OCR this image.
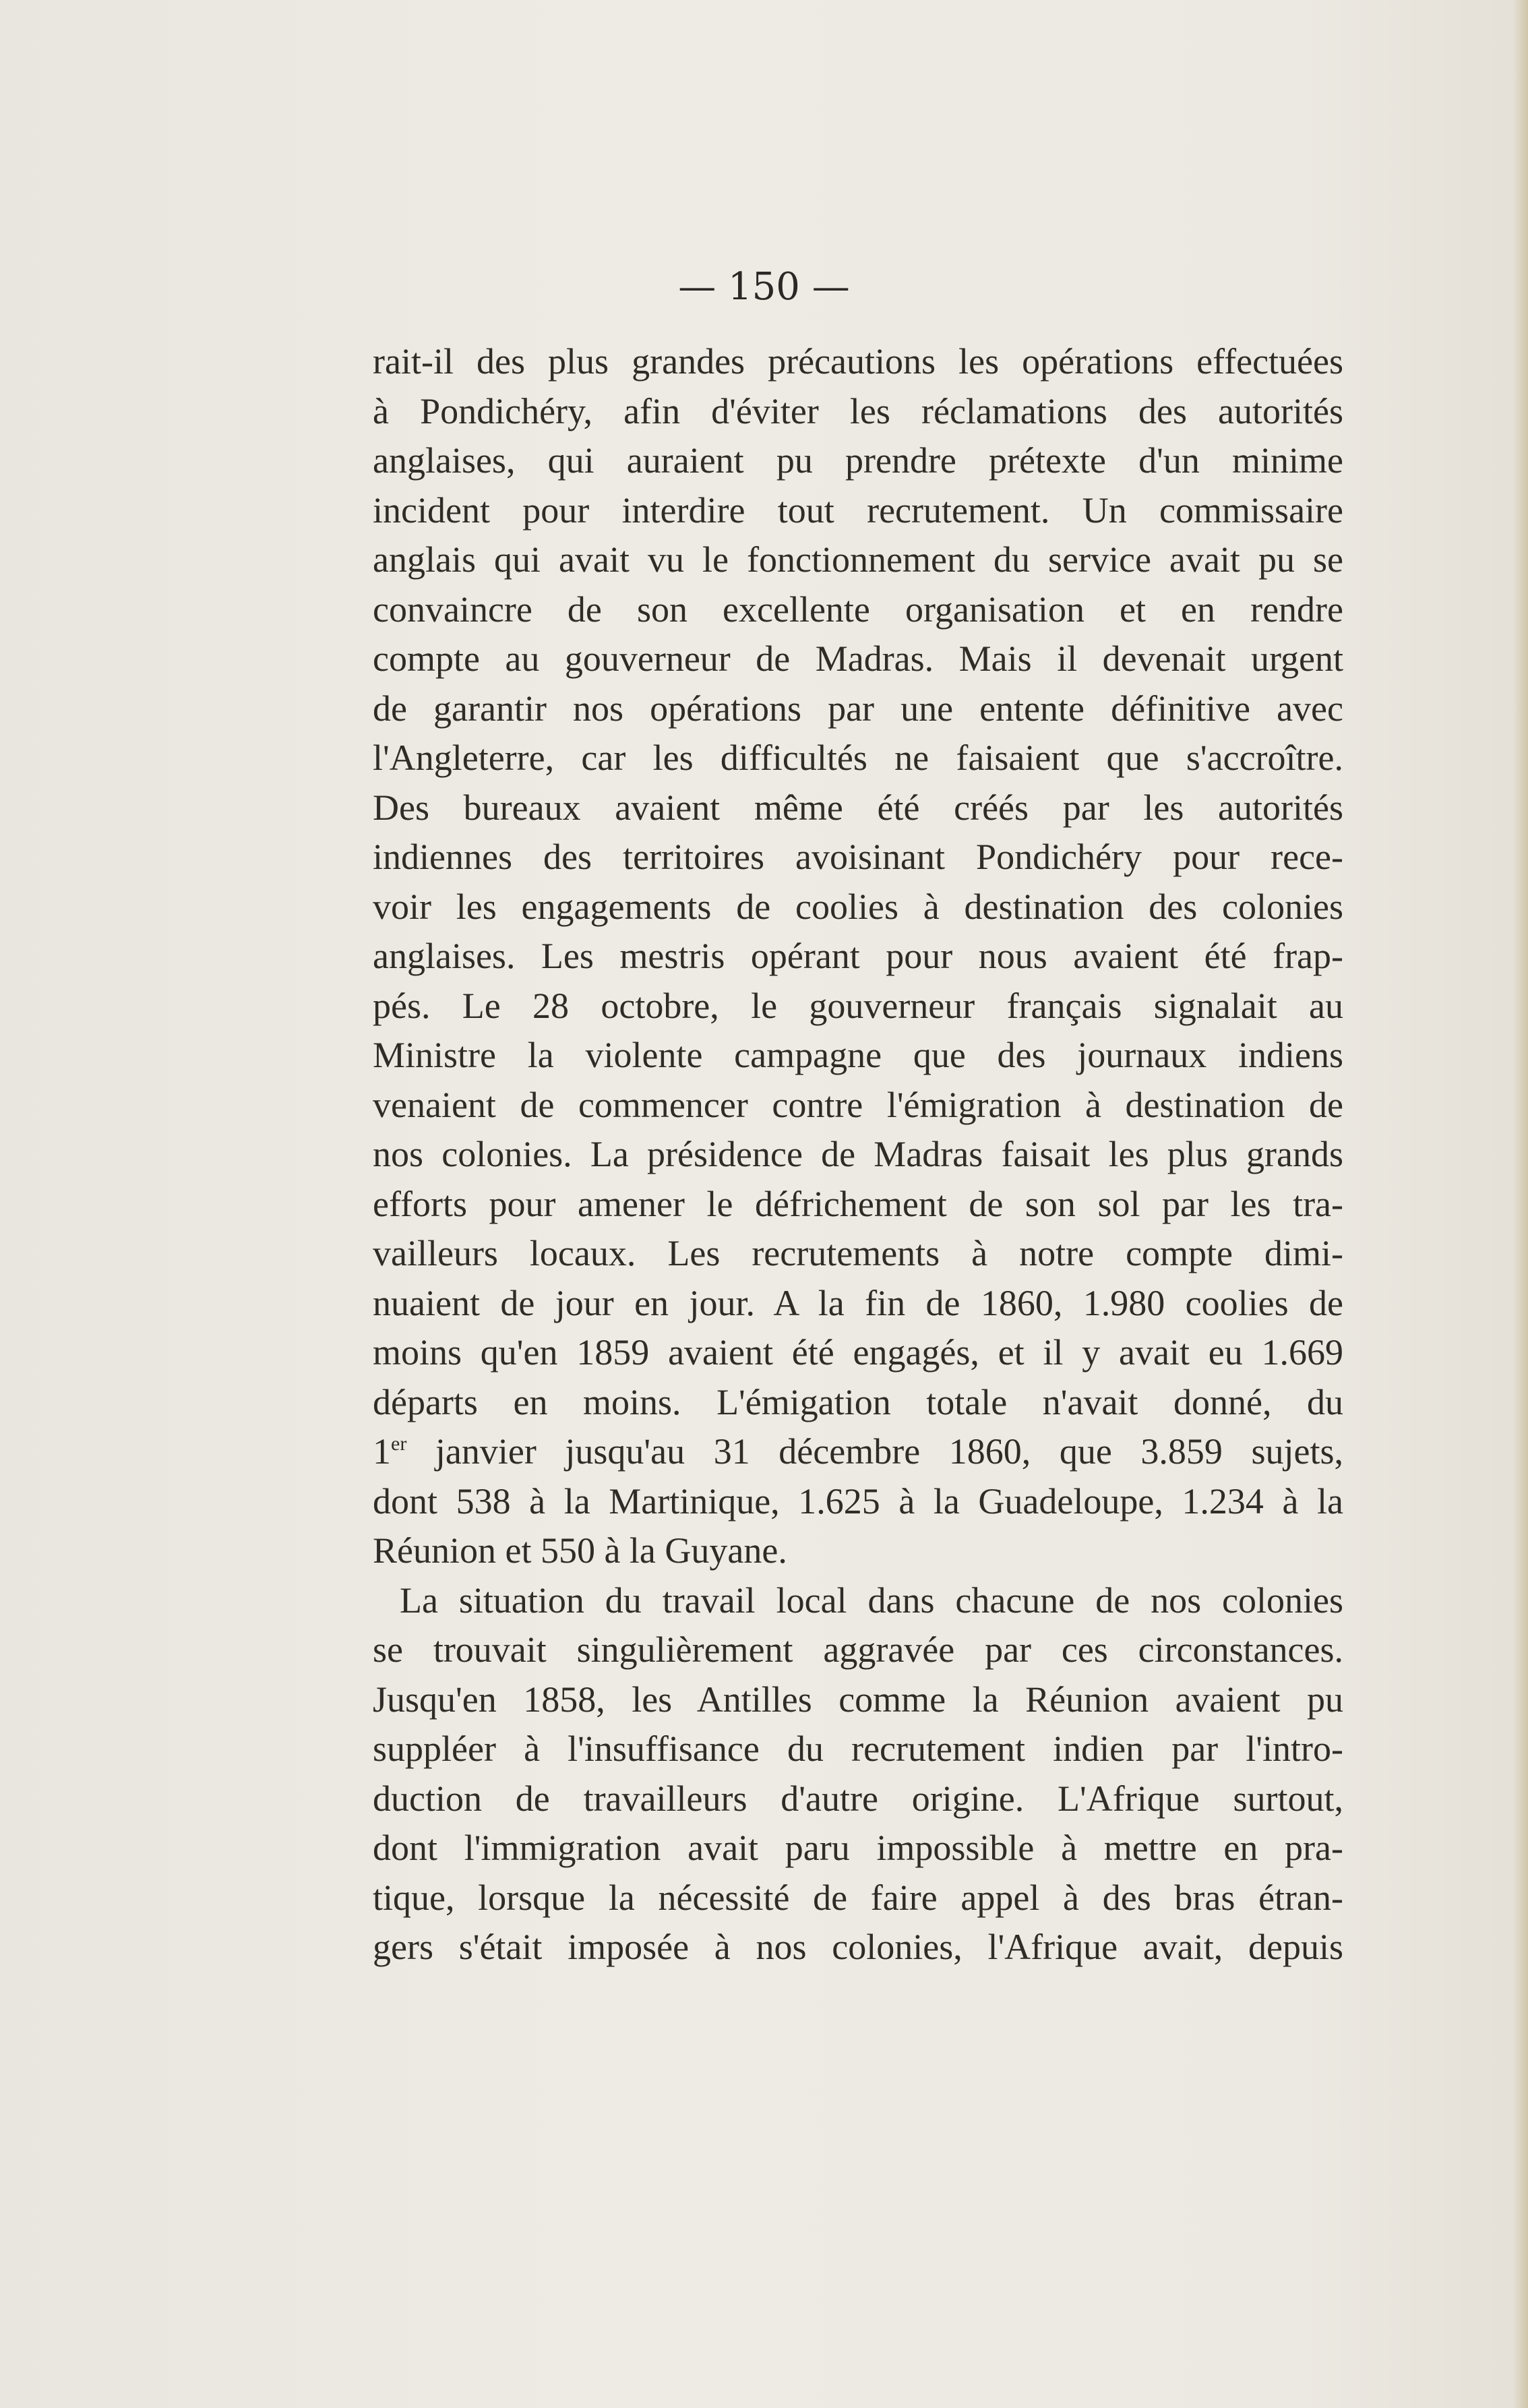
— 150 —

rait-il des plus grandes précautions les opérations effectuées
à Pondichéry, afin d'éviter les réclamations des autorités
anglaises, qui auraient pu prendre prétexte d'un minime
incident pour interdire tout recrutement. Un commissaire
anglais qui avait vu le fonctionnement du service avait pu se
convaincre de son excellente organisation et en rendre
compte au gouverneur de Madras. Mais il devenait urgent
de garantir nos opérations par une entente définitive avec
l'Angleterre, car les difficultés ne faisaient que s'accroître.
Des bureaux avaient même été créés par les autorités
indiennes des territoires avoisinant Pondichéry pour rece-
voir les engagements de coolies à destination des colonies
anglaises. Les mestris opérant pour nous avaient été frap-
pés. Le 28 octobre, le gouverneur français signalait au
Ministre la violente campagne que des journaux indiens
venaient de commencer contre l'émigration à destination de
nos colonies. La présidence de Madras faisait les plus grands
efforts pour amener le défrichement de son sol par les tra-
vailleurs locaux. Les recrutements à notre compte dimi-
nuaient de jour en jour. A la fin de 1860, 1.980 coolies de
moins qu'en 1859 avaient été engagés, et il y avait eu 1.669
départs en moins. L'émigation totale n'avait donné, du
1er janvier jusqu'au 31 décembre 1860, que 3.859 sujets,
dont 538 à la Martinique, 1.625 à la Guadeloupe, 1.234 à la
Réunion et 550 à la Guyane.
La situation du travail local dans chacune de nos colonies
se trouvait singulièrement aggravée par ces circonstances.
Jusqu'en 1858, les Antilles comme la Réunion avaient pu
suppléer à l'insuffisance du recrutement indien par l'intro-
duction de travailleurs d'autre origine. L'Afrique surtout,
dont l'immigration avait paru impossible à mettre en pra-
tique, lorsque la nécessité de faire appel à des bras étran-
gers s'était imposée à nos colonies, l'Afrique avait, depuis
